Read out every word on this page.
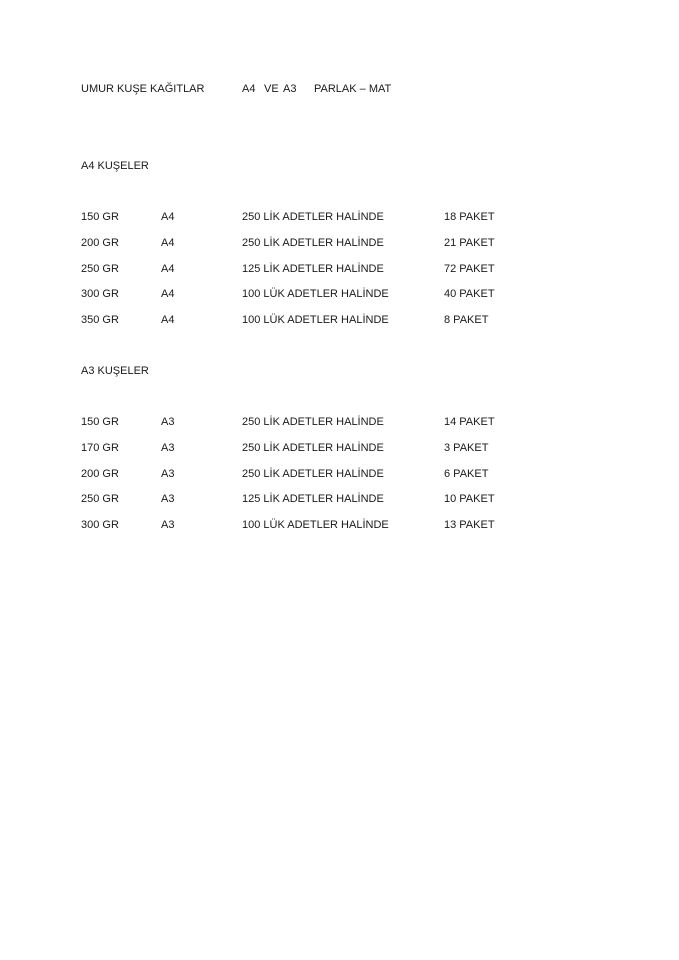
UMUR KUŞE KAĞITLAR	A4 VE A3 PARLAK – MAT
A4 KUŞELER
150 GR	A4	250 LİK ADETLER HALİNDE	18 PAKET
200 GR	A4	250 LİK ADETLER HALİNDE	21 PAKET
250 GR	A4	125 LİK ADETLER HALİNDE	72 PAKET
300 GR	A4	100 LÜK ADETLER HALİNDE	40 PAKET
350 GR	A4	100 LÜK ADETLER HALİNDE	8 PAKET
A3 KUŞELER
150 GR	A3	250 LİK ADETLER HALİNDE	14 PAKET
170 GR	A3	250 LİK ADETLER HALİNDE	3 PAKET
200 GR	A3	250 LİK ADETLER HALİNDE	6 PAKET
250 GR	A3	125 LİK ADETLER HALİNDE	10 PAKET
300 GR	A3	100 LÜK ADETLER HALİNDE	13 PAKET
